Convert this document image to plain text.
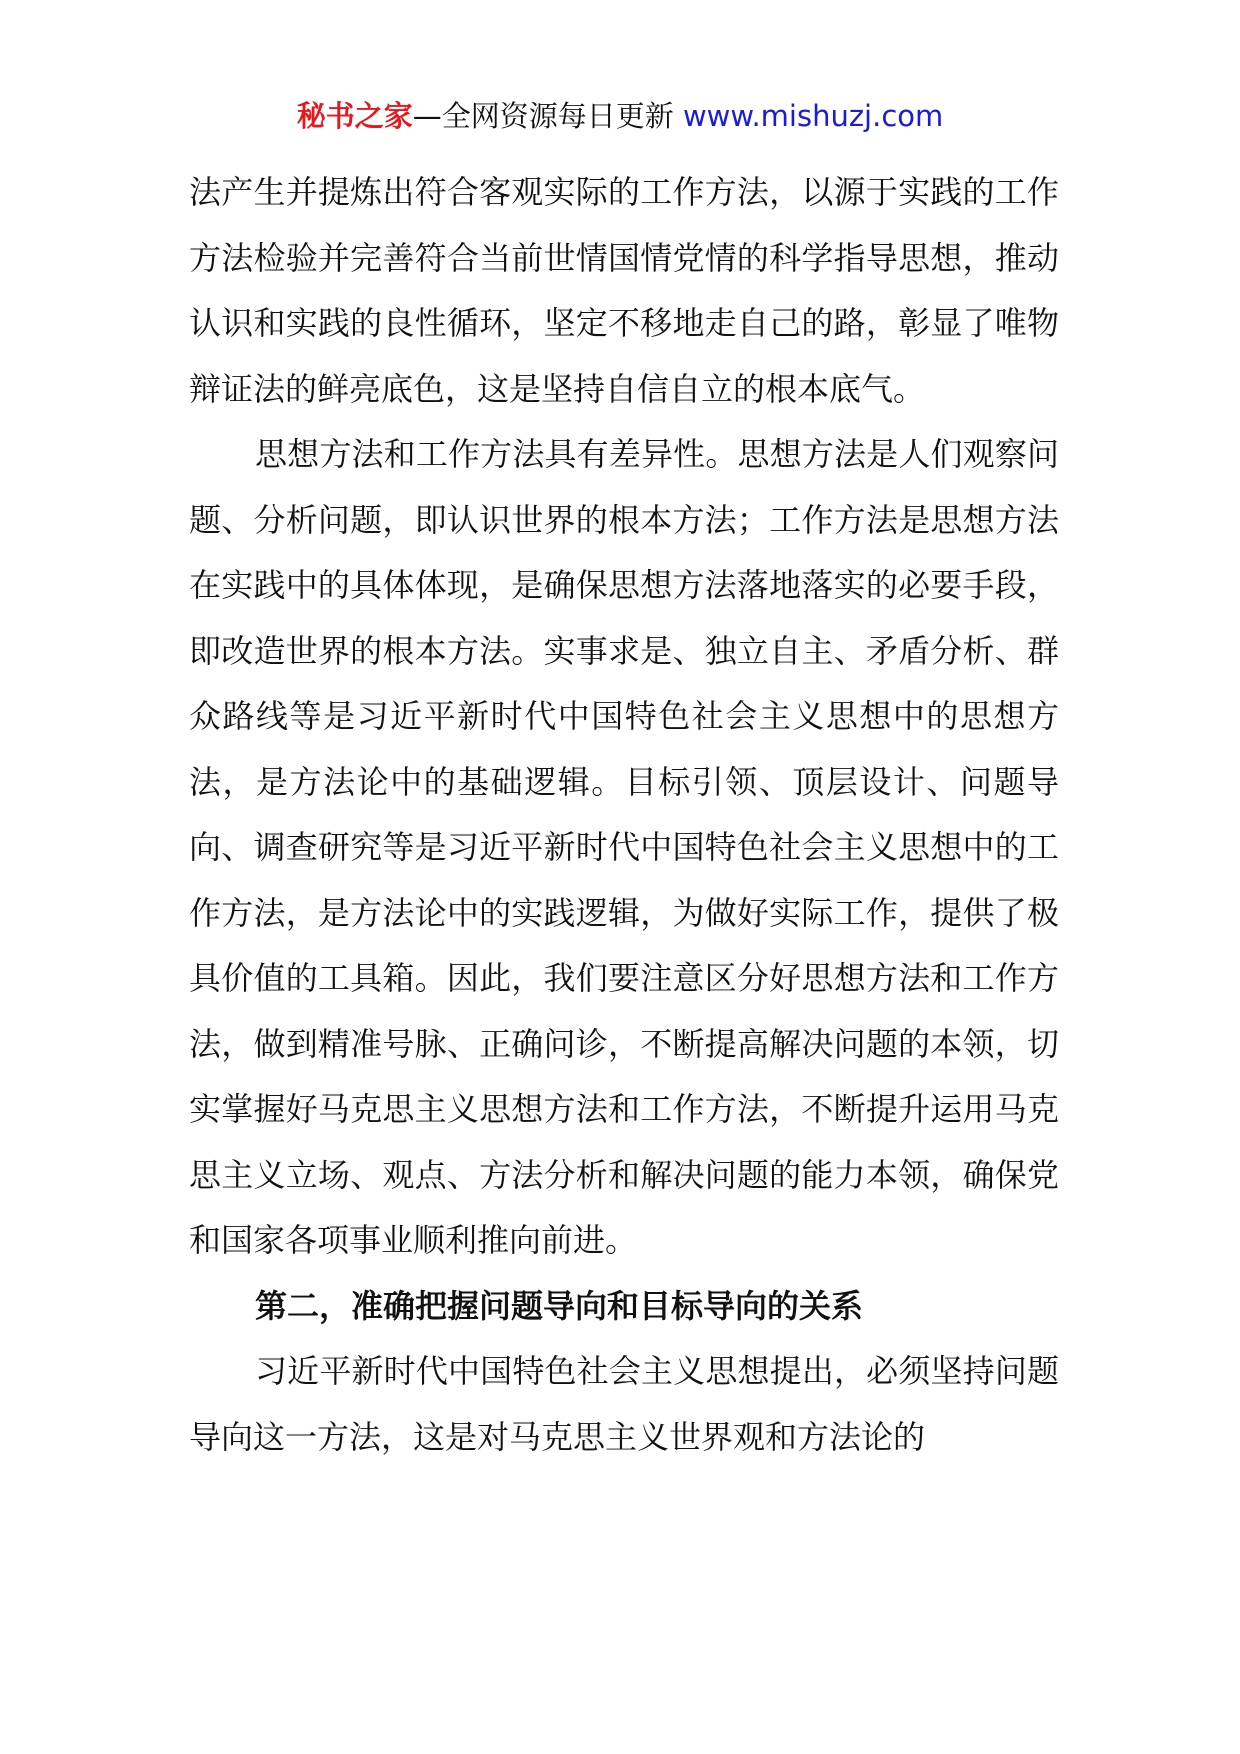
秘书之家—全网资源每日更新 www.mishuzj.com

法产生并提炼出符合客观实际的工作方法，以源于实践的工作方法检验并完善符合当前世情国情党情的科学指导思想，推动认识和实践的良性循环，坚定不移地走自己的路，彰显了唯物辩证法的鲜亮底色，这是坚持自信自立的根本底气。

思想方法和工作方法具有差异性。思想方法是人们观察问题、分析问题，即认识世界的根本方法；工作方法是思想方法在实践中的具体体现，是确保思想方法落地落实的必要手段，即改造世界的根本方法。实事求是、独立自主、矛盾分析、群众路线等是习近平新时代中国特色社会主义思想中的思想方法，是方法论中的基础逻辑。目标引领、顶层设计、问题导向、调查研究等是习近平新时代中国特色社会主义思想中的工作方法，是方法论中的实践逻辑，为做好实际工作，提供了极具价值的工具箱。因此，我们要注意区分好思想方法和工作方法，做到精准号脉、正确问诊，不断提高解决问题的本领，切实掌握好马克思主义思想方法和工作方法，不断提升运用马克思主义立场、观点、方法分析和解决问题的能力本领，确保党和国家各项事业顺利推向前进。

第二，准确把握问题导向和目标导向的关系

习近平新时代中国特色社会主义思想提出，必须坚持问题导向这一方法，这是对马克思主义世界观和方法论的
